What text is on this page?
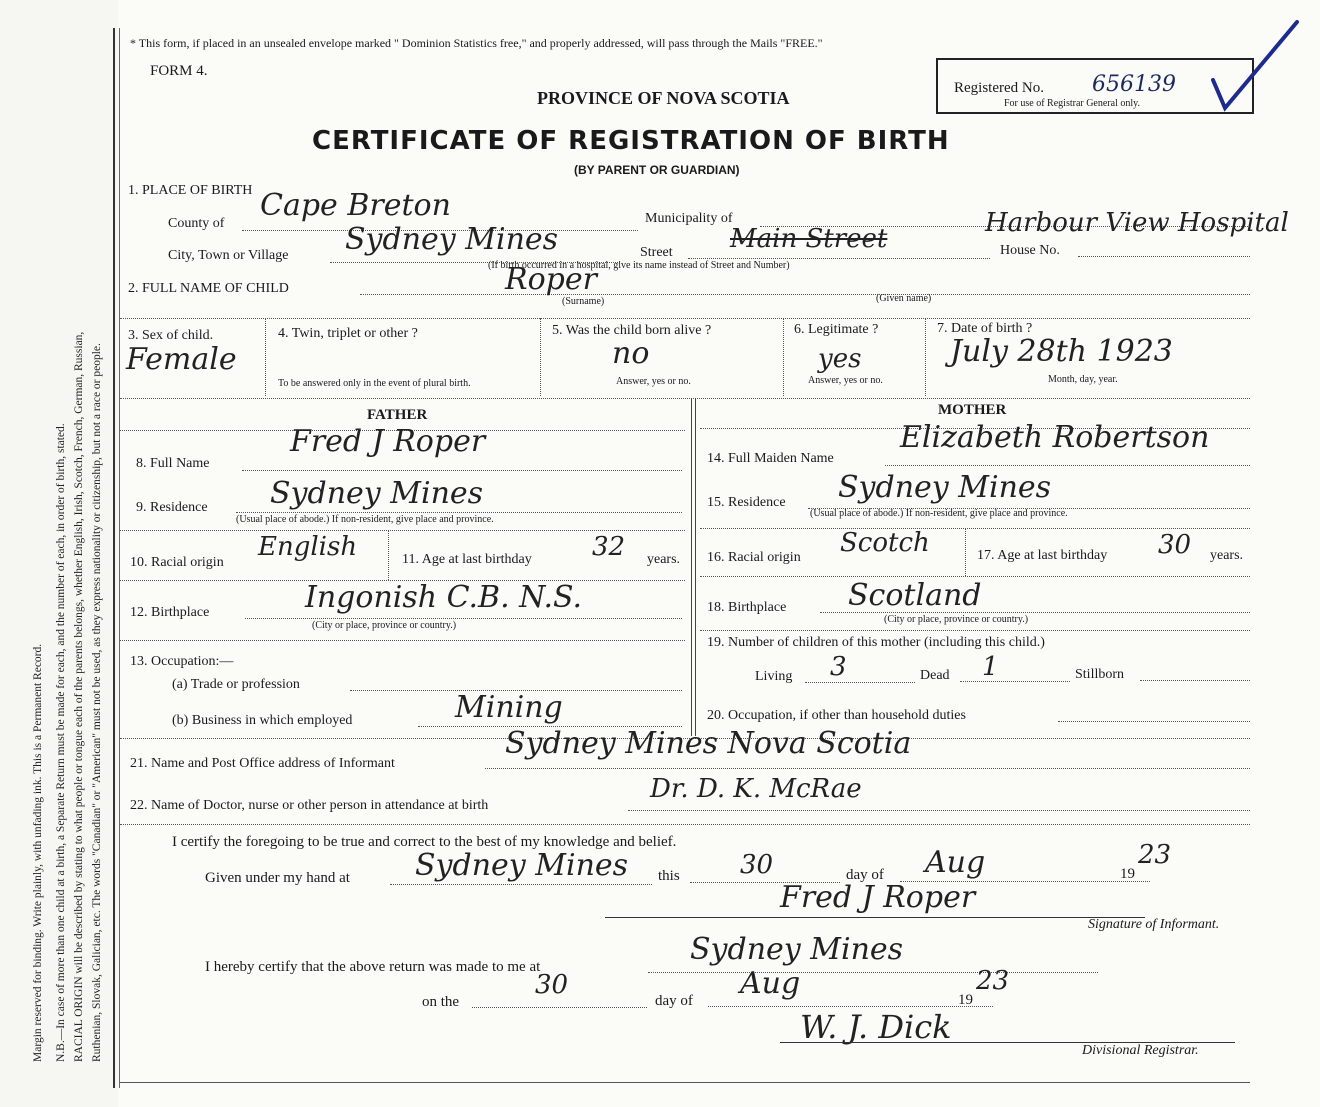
Margin reserved for binding. Write plainly, with unfading ink. This is a Permanent Record. N.B.—In case of more than one child at a birth, a Separate Return must be made for each, and the number of each, in order of birth, stated. RACIAL ORIGIN will be described by stating to what people or tongue each of the parents belongs, whether English, Irish, Scotch, French, German, Russian, Ruthenian, Slovak, Galician, etc. The words "Canadian" or "American" must not be used, as they express nationality or citizenship, but not a race or people.
* This form, if placed in an unsealed envelope marked " Dominion Statistics free," and properly addressed, will pass through the Mails "FREE."
FORM 4.
PROVINCE OF NOVA SCOTIA
CERTIFICATE OF REGISTRATION OF BIRTH
(BY PARENT OR GUARDIAN)
Registered No. 656139
For use of Registrar General only.
1. PLACE OF BIRTH
County of
Cape Breton	Municipality of
City, Town or Village Sydney Mines	Street Main Street
Harbour View Hospital
House No.
(If birth occurred in a hospital, give its name instead of Street and Number)
2. FULL NAME OF CHILD	Roper
(Surname)	(Given name)
3. Sex of child.
Female
4. Twin, triplet or other ?
To be answered only in the event of plural birth.
5. Was the child born alive ?
no
Answer, yes or no.
6. Legitimate ?
yes
Answer, yes or no.
7. Date of birth ?
July 28th 1923
Month, day, year.
FATHER	MOTHER
8. Full Name
Fred J Roper
9. Residence Sydney Mines
(Usual place of abode.) If non-resident, give place and province.
10. Racial origin
English	11. Age at last birthday 32 years.
12. Birthplace	Ingonish C.B. N.S.
(City or place, province or country.)
13. Occupation:—
(a) Trade or profession
(b) Business in which employed	Mining
14. Full Maiden Name
Elizabeth Robertson
15. Residence Sydney Mines
(Usual place of abode.) If non-resident, give place and province.
16. Racial origin Scotch	17. Age at last birthday 30 years.
18. Birthplace Scotland
(City or place, province or country.)
19. Number of children of this mother (including this child.)
Living 3	Dead 1	Stillborn
20. Occupation, if other than household duties
21. Name and Post Office address of Informant
Sydney Mines Nova Scotia
22. Name of Doctor, nurse or other person in attendance at birth
Dr. D. K. McRae
I certify the foregoing to be true and correct to the best of my knowledge and belief.
Given under my hand at Sydney Mines this 30	day of Aug	19
23
Fred J Roper
Signature of Informant.
I hereby certify that the above return was made to me at	Sydney Mines
on the
30
day of Aug	19
23
W. J. Dick
Divisional Registrar.
